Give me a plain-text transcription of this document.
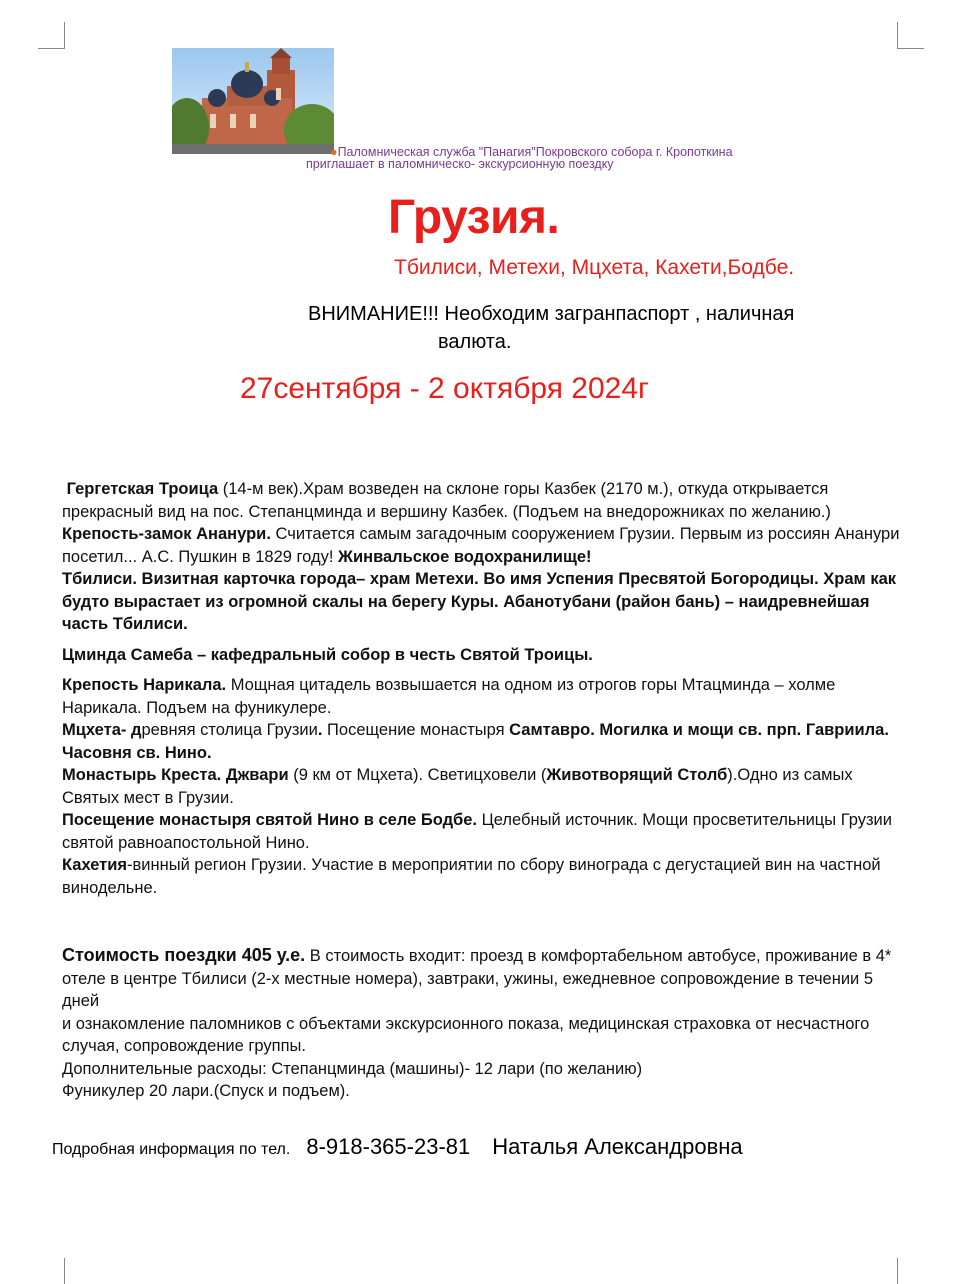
●Паломническая служба "Панагия"Покровского собора г. Кропоткина
приглашает в паломническо- экскурсионную поездку
Грузия.
Тбилиси, Метехи, Мцхета, Кахети,Бодбе.
ВНИМАНИЕ!!! Необходим загранпаспорт , наличная
валюта.
27сентября - 2 октября 2024г

Гергетская Троица (14-м век).Храм возведен на склоне горы Казбек (2170 м.), откуда открывается прекрасный вид на пос. Степанцминда и вершину Казбек. (Подъем на внедорожниках по желанию.)

Крепость-замок Ананури. Считается самым загадочным сооружением Грузии. Первым из россиян Ананури посетил... А.С. Пушкин в 1829 году! Жинвальское водохранилище!

Тбилиси. Визитная карточка города– храм Метехи. Во имя Успения Пресвятой Богородицы. Храм как будто вырастает из огромной скалы на берегу Куры. Абанотубани (район бань) – наидревнейшая часть Тбилиси.

Цминда Самеба – кафедральный собор в честь Святой Троицы.

Крепость Нарикала. Мощная цитадель возвышается на одном из отрогов горы Мтацминда – холме Нарикала. Подъем на фуникулере.

Мцхета- древняя столица Грузии. Посещение монастыря Самтавро. Могилка и мощи св. прп. Гавриила. Часовня св. Нино.

Монастырь Креста. Джвари (9 км от Мцхета). Светицховели (Животворящий Столб).Одно из самых Святых мест в Грузии.

Посещение монастыря святой Нино в селе Бодбе. Целебный источник. Мощи просветительницы Грузии святой равноапостольной Нино.

Кахетия-винный регион Грузии. Участие в мероприятии по сбору винограда с дегустацией вин на частной винодельне.

Стоимость поездки 405 у.е. В стоимость входит: проезд в комфортабельном автобусе, проживание в 4* отеле в центре Тбилиси (2-х местные номера), завтраки, ужины, ежедневное сопровождение в течении 5 дней

и ознакомление паломников с объектами экскурсионного показа, медицинская страховка от несчастного случая, сопровождение группы.

Дополнительные расходы: Степанцминда (машины)- 12 лари (по желанию)

Фуникулер 20 лари.(Спуск и подъем).

Подробная информация по тел. 8-918-365-23-81 Наталья Александровна
